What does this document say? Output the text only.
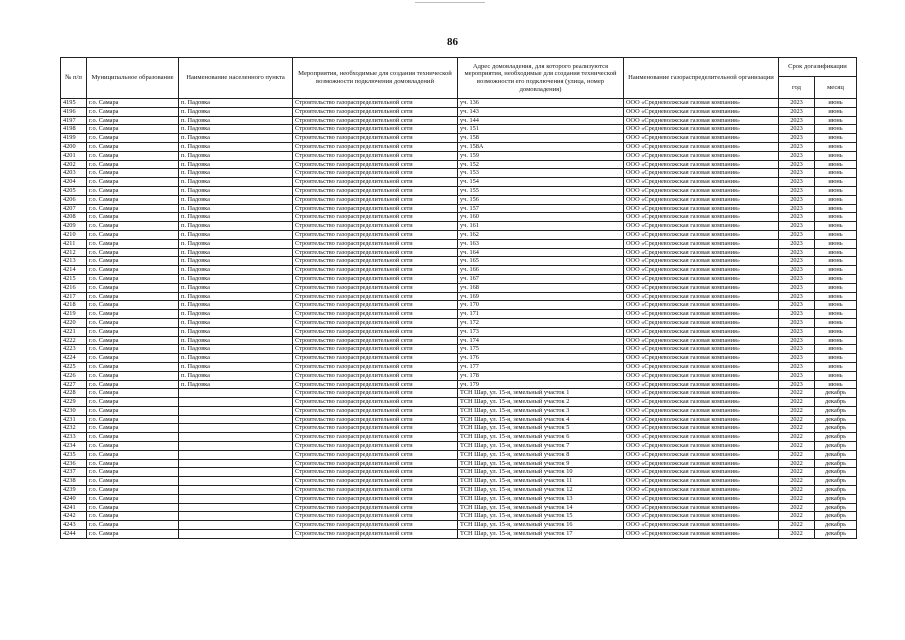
86
№ п/п	Муниципальное образование	Наименование населенного пункта	Мероприятия, необходимые для создания технической возможности подключения домовладений	Адрес домовладения, для которого реализуются мероприятия, необходимые для создания технической возможности его подключения (улица, номер домовладения)	Наименование газораспределительной организации	Срок догазификации	
						год	месяц
4195	г.о. Самара	п. Падовка	Строительство газораспределительной сети	уч. 136	ООО «Средневолжская газовая компания»	2023	июнь
4196	г.о. Самара	п. Падовка	Строительство газораспределительной сети	уч. 143	ООО «Средневолжская газовая компания»	2023	июнь
4197	г.о. Самара	п. Падовка	Строительство газораспределительной сети	уч. 144	ООО «Средневолжская газовая компания»	2023	июнь
4198	г.о. Самара	п. Падовка	Строительство газораспределительной сети	уч. 151	ООО «Средневолжская газовая компания»	2023	июнь
4199	г.о. Самара	п. Падовка	Строительство газораспределительной сети	уч. 158	ООО «Средневолжская газовая компания»	2023	июнь
4200	г.о. Самара	п. Падовка	Строительство газораспределительной сети	уч. 158А	ООО «Средневолжская газовая компания»	2023	июнь
4201	г.о. Самара	п. Падовка	Строительство газораспределительной сети	уч. 159	ООО «Средневолжская газовая компания»	2023	июнь
4202	г.о. Самара	п. Падовка	Строительство газораспределительной сети	уч. 152	ООО «Средневолжская газовая компания»	2023	июнь
4203	г.о. Самара	п. Падовка	Строительство газораспределительной сети	уч. 153	ООО «Средневолжская газовая компания»	2023	июнь
4204	г.о. Самара	п. Падовка	Строительство газораспределительной сети	уч. 154	ООО «Средневолжская газовая компания»	2023	июнь
4205	г.о. Самара	п. Падовка	Строительство газораспределительной сети	уч. 155	ООО «Средневолжская газовая компания»	2023	июнь
4206	г.о. Самара	п. Падовка	Строительство газораспределительной сети	уч. 156	ООО «Средневолжская газовая компания»	2023	июнь
4207	г.о. Самара	п. Падовка	Строительство газораспределительной сети	уч. 157	ООО «Средневолжская газовая компания»	2023	июнь
4208	г.о. Самара	п. Падовка	Строительство газораспределительной сети	уч. 160	ООО «Средневолжская газовая компания»	2023	июнь
4209	г.о. Самара	п. Падовка	Строительство газораспределительной сети	уч. 161	ООО «Средневолжская газовая компания»	2023	июнь
4210	г.о. Самара	п. Падовка	Строительство газораспределительной сети	уч. 162	ООО «Средневолжская газовая компания»	2023	июнь
4211	г.о. Самара	п. Падовка	Строительство газораспределительной сети	уч. 163	ООО «Средневолжская газовая компания»	2023	июнь
4212	г.о. Самара	п. Падовка	Строительство газораспределительной сети	уч. 164	ООО «Средневолжская газовая компания»	2023	июнь
4213	г.о. Самара	п. Падовка	Строительство газораспределительной сети	уч. 165	ООО «Средневолжская газовая компания»	2023	июнь
4214	г.о. Самара	п. Падовка	Строительство газораспределительной сети	уч. 166	ООО «Средневолжская газовая компания»	2023	июнь
4215	г.о. Самара	п. Падовка	Строительство газораспределительной сети	уч. 167	ООО «Средневолжская газовая компания»	2023	июнь
4216	г.о. Самара	п. Падовка	Строительство газораспределительной сети	уч. 168	ООО «Средневолжская газовая компания»	2023	июнь
4217	г.о. Самара	п. Падовка	Строительство газораспределительной сети	уч. 169	ООО «Средневолжская газовая компания»	2023	июнь
4218	г.о. Самара	п. Падовка	Строительство газораспределительной сети	уч. 170	ООО «Средневолжская газовая компания»	2023	июнь
4219	г.о. Самара	п. Падовка	Строительство газораспределительной сети	уч. 171	ООО «Средневолжская газовая компания»	2023	июнь
4220	г.о. Самара	п. Падовка	Строительство газораспределительной сети	уч. 172	ООО «Средневолжская газовая компания»	2023	июнь
4221	г.о. Самара	п. Падовка	Строительство газораспределительной сети	уч. 173	ООО «Средневолжская газовая компания»	2023	июнь
4222	г.о. Самара	п. Падовка	Строительство газораспределительной сети	уч. 174	ООО «Средневолжская газовая компания»	2023	июнь
4223	г.о. Самара	п. Падовка	Строительство газораспределительной сети	уч. 175	ООО «Средневолжская газовая компания»	2023	июнь
4224	г.о. Самара	п. Падовка	Строительство газораспределительной сети	уч. 176	ООО «Средневолжская газовая компания»	2023	июнь
4225	г.о. Самара	п. Падовка	Строительство газораспределительной сети	уч. 177	ООО «Средневолжская газовая компания»	2023	июнь
4226	г.о. Самара	п. Падовка	Строительство газораспределительной сети	уч. 178	ООО «Средневолжская газовая компания»	2023	июнь
4227	г.о. Самара	п. Падовка	Строительство газораспределительной сети	уч. 179	ООО «Средневолжская газовая компания»	2023	июнь
4228	г.о. Самара		Строительство газораспределительной сети	ТСН Шар, ул. 15-я, земельный участок 1	ООО «Средневолжская газовая компания»	2022	декабрь
4229	г.о. Самара		Строительство газораспределительной сети	ТСН Шар, ул. 15-я, земельный участок 2	ООО «Средневолжская газовая компания»	2022	декабрь
4230	г.о. Самара		Строительство газораспределительной сети	ТСН Шар, ул. 15-я, земельный участок 3	ООО «Средневолжская газовая компания»	2022	декабрь
4231	г.о. Самара		Строительство газораспределительной сети	ТСН Шар, ул. 15-я, земельный участок 4	ООО «Средневолжская газовая компания»	2022	декабрь
4232	г.о. Самара		Строительство газораспределительной сети	ТСН Шар, ул. 15-я, земельный участок 5	ООО «Средневолжская газовая компания»	2022	декабрь
4233	г.о. Самара		Строительство газораспределительной сети	ТСН Шар, ул. 15-я, земельный участок 6	ООО «Средневолжская газовая компания»	2022	декабрь
4234	г.о. Самара		Строительство газораспределительной сети	ТСН Шар, ул. 15-я, земельный участок 7	ООО «Средневолжская газовая компания»	2022	декабрь
4235	г.о. Самара		Строительство газораспределительной сети	ТСН Шар, ул. 15-я, земельный участок 8	ООО «Средневолжская газовая компания»	2022	декабрь
4236	г.о. Самара		Строительство газораспределительной сети	ТСН Шар, ул. 15-я, земельный участок 9	ООО «Средневолжская газовая компания»	2022	декабрь
4237	г.о. Самара		Строительство газораспределительной сети	ТСН Шар, ул. 15-я, земельный участок 10	ООО «Средневолжская газовая компания»	2022	декабрь
4238	г.о. Самара		Строительство газораспределительной сети	ТСН Шар, ул. 15-я, земельный участок 11	ООО «Средневолжская газовая компания»	2022	декабрь
4239	г.о. Самара		Строительство газораспределительной сети	ТСН Шар, ул. 15-я, земельный участок 12	ООО «Средневолжская газовая компания»	2022	декабрь
4240	г.о. Самара		Строительство газораспределительной сети	ТСН Шар, ул. 15-я, земельный участок 13	ООО «Средневолжская газовая компания»	2022	декабрь
4241	г.о. Самара		Строительство газораспределительной сети	ТСН Шар, ул. 15-я, земельный участок 14	ООО «Средневолжская газовая компания»	2022	декабрь
4242	г.о. Самара		Строительство газораспределительной сети	ТСН Шар, ул. 15-я, земельный участок 15	ООО «Средневолжская газовая компания»	2022	декабрь
4243	г.о. Самара		Строительство газораспределительной сети	ТСН Шар, ул. 15-я, земельный участок 16	ООО «Средневолжская газовая компания»	2022	декабрь
4244	г.о. Самара		Строительство газораспределительной сети	ТСН Шар, ул. 15-я, земельный участок 17	ООО «Средневолжская газовая компания»	2022	декабрь
